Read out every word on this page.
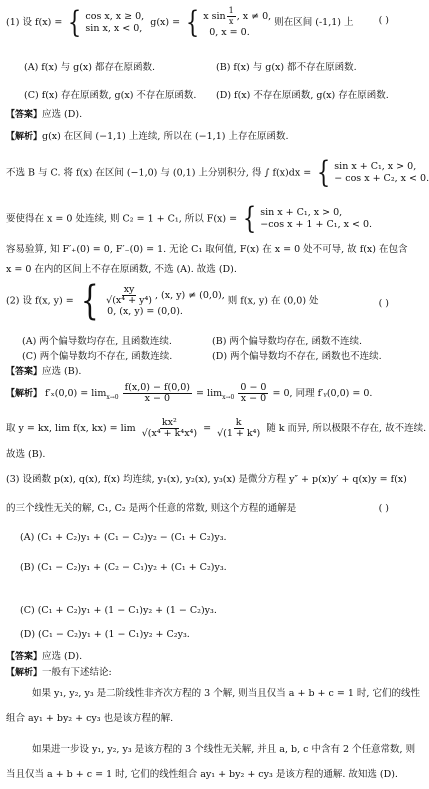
(1) 设 f(x) = { cos x, x ≥ 0,
sin x, x < 0, g(x) = { x $\sin \frac{1}{x}$ , x ≠ 0,
0, x = 0.
则在区间 (-1,1) 上	( )
(A) f(x) 与 g(x) 都存在原函数.	(B) f(x) 与 g(x) 都不存在原函数.
(C) f(x) 存在原函数, g(x) 不存在原函数.	(D) f(x) 不存在原函数, g(x) 存在原函数.
【答案】应选 (D).
【解析】g(x) 在区间 (−1,1) 上连续, 所以在 (−1,1) 上存在原函数.
不选 B 与 C. 将 f(x) 在区间 (−1,0) 与 (0,1) 上分别积分, 得 ∫ f(x)dx = { sin x + C₁, x > 0,
− cos x + C₂, x < 0.
要使得在 x = 0 处连续, 则 C₂ = 1 + C₁, 所以 F(x) = { sin x + C₁, x > 0,
−cos x + 1 + C₁, x < 0.
容易验算, 知 F′₊(0) = 0, F′₋(0) = 1. 无论 C₁ 取何值, F(x) 在 x = 0 处不可导, 故 f(x) 在包含
x = 0 在内的区间上不存在原函数, 不选 (A). 故选 (D).
(2) 设 f(x, y) = { $\frac{xy}{\text{√(x⁴ + y⁴)}}$ , (x, y) ≠ (0,0),
0, (x, y) = (0,0).
则 f(x, y) 在 (0,0) 处	( )
(A) 两个偏导数均存在, 且函数连续.	(B) 两个偏导数均存在, 函数不连续.
(C) 两个偏导数均不存在, 函数连续.	(D) 两个偏导数均不存在, 函数也不连续.
【答案】应选 (B).
【解析】 $f'_x(0,0) = \lim_{x\to 0} \frac{f(x,0) - f(0,0)}{x - 0} = \lim_{x\to 0} \frac{0 - 0}{x - 0} = 0$, 同理 f′ᵧ(0,0) = 0.
取 y = kx, lim f(x, $kx) = \lim \frac{\text{kx²}}{\text{√(x⁴ + k⁴x⁴)}} = \frac{k}{\text{√(1 + k⁴)}}$ 随 k 而异, 所以极限不存在, 故不连续.
故选 (B).
(3) 设函数 p(x), q(x), f(x) 均连续, y₁(x), y₂(x), y₃(x) 是微分方程 y″ + p(x)y′ + q(x)y = f(x)
的三个线性无关的解, C₁, C₂ 是两个任意的常数, 则这个方程的通解是	( )
(A) (C₁ + C₂)y₁ + (C₁ − C₂)y₂ − (C₁ + C₂)y₃.
(B) (C₁ − C₂)y₁ + (C₂ − C₁)y₂ + (C₁ + C₂)y₃.
(C) (C₁ + C₂)y₁ + (1 − C₁)y₂ + (1 − C₂)y₃.
(D) (C₁ − C₂)y₁ + (1 − C₁)y₂ + C₂y₃.
【答案】应选 (D).
【解析】一般有下述结论:
如果 y₁, y₂, y₃ 是二阶线性非齐次方程的 3 个解, 则当且仅当 a + b + c = 1 时, 它们的线性
组合 ay₁ + by₂ + cy₃ 也是该方程的解.
如果进一步设 y₁, y₂, y₃ 是该方程的 3 个线性无关解, 并且 a, b, c 中含有 2 个任意常数, 则
当且仅当 a + b + c = 1 时, 它们的线性组合 ay₁ + by₂ + cy₃ 是该方程的通解. 故知选 (D).
